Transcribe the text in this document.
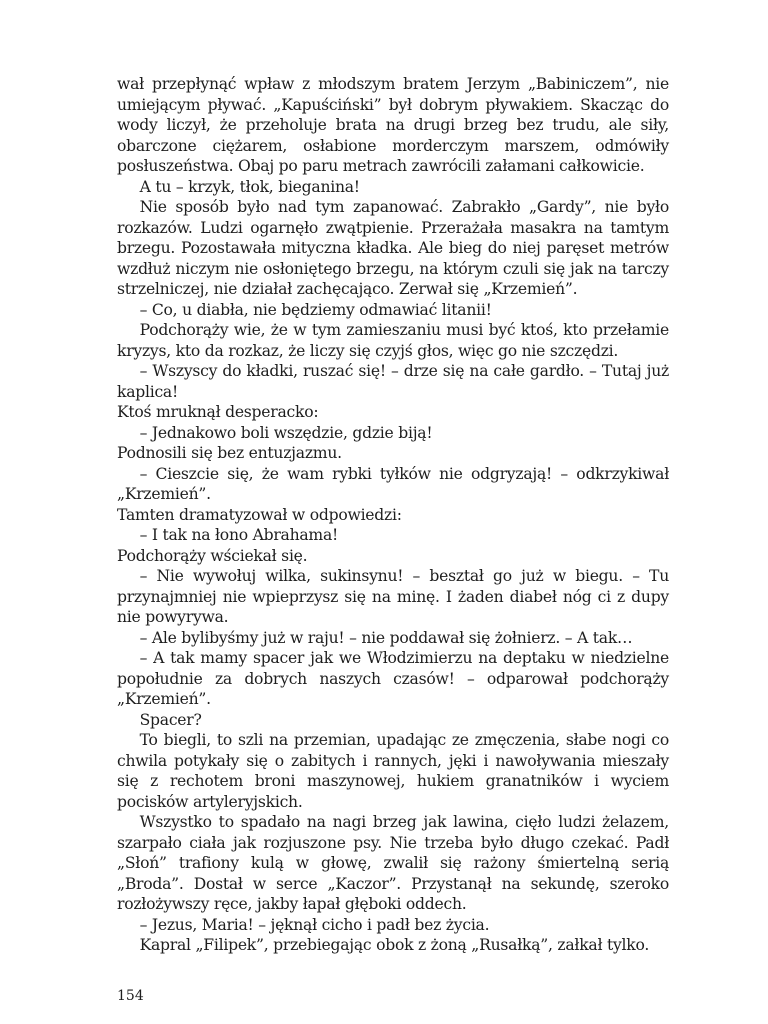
wał przepłynąć wpław z młodszym bratem Jerzym „Babiniczem”, nie umiejącym pływać. „Kapuściński” był dobrym pływakiem. Skacząc do wody liczył, że przeholuje brata na drugi brzeg bez trudu, ale siły, obarczone ciężarem, osłabione morderczym marszem, odmówiły posłuszeństwa. Obaj po paru metrach zawrócili załamani całkowicie.

A tu – krzyk, tłok, bieganina!

Nie sposób było nad tym zapanować. Zabrakło „Gardy”, nie było rozkazów. Ludzi ogarnęło zwątpienie. Przerażała masakra na tamtym brzegu. Pozostawała mityczna kładka. Ale bieg do niej paręset metrów wzdłuż niczym nie osłoniętego brzegu, na którym czuli się jak na tarczy strzelniczej, nie działał zachęcająco. Zerwał się „Krzemień”.

– Co, u diabła, nie będziemy odmawiać litanii!

Podchorąży wie, że w tym zamieszaniu musi być ktoś, kto przełamie kryzys, kto da rozkaz, że liczy się czyjś głos, więc go nie szczędzi.

– Wszyscy do kładki, ruszać się! – drze się na całe gardło. – Tutaj już kaplica!

Ktoś mruknął desperacko:

– Jednakowo boli wszędzie, gdzie biją!

Podnosili się bez entuzjazmu.

– Cieszcie się, że wam rybki tyłków nie odgryzają! – odkrzykiwał „Krzemień”.

Tamten dramatyzował w odpowiedzi:

– I tak na łono Abrahama!

Podchorąży wściekał się.

– Nie wywołuj wilka, sukinsynu! – beształ go już w biegu. – Tu przynajmniej nie wpieprzysz się na minę. I żaden diabeł nóg ci z dupy nie powyrywa.

– Ale bylibyśmy już w raju! – nie poddawał się żołnierz. – A tak…

– A tak mamy spacer jak we Włodzimierzu na deptaku w niedzielne popołudnie za dobrych naszych czasów! – odparował podchorąży „Krzemień”.

Spacer?

To biegli, to szli na przemian, upadając ze zmęczenia, słabe nogi co chwila potykały się o zabitych i rannych, jęki i nawoływania mieszały się z rechotem broni maszynowej, hukiem granatników i wyciem pocisków artyleryjskich.

Wszystko to spadało na nagi brzeg jak lawina, cięło ludzi żelazem, szarpało ciała jak rozjuszone psy. Nie trzeba było długo czekać. Padł „Słoń” trafiony kulą w głowę, zwalił się rażony śmiertelną serią „Broda”. Dostał w serce „Kaczor”. Przystanął na sekundę, szeroko rozłożywszy ręce, jakby łapał głęboki oddech.

– Jezus, Maria! – jęknął cicho i padł bez życia.

Kapral „Filipek”, przebiegając obok z żoną „Rusałką”, załkał tylko.

154
